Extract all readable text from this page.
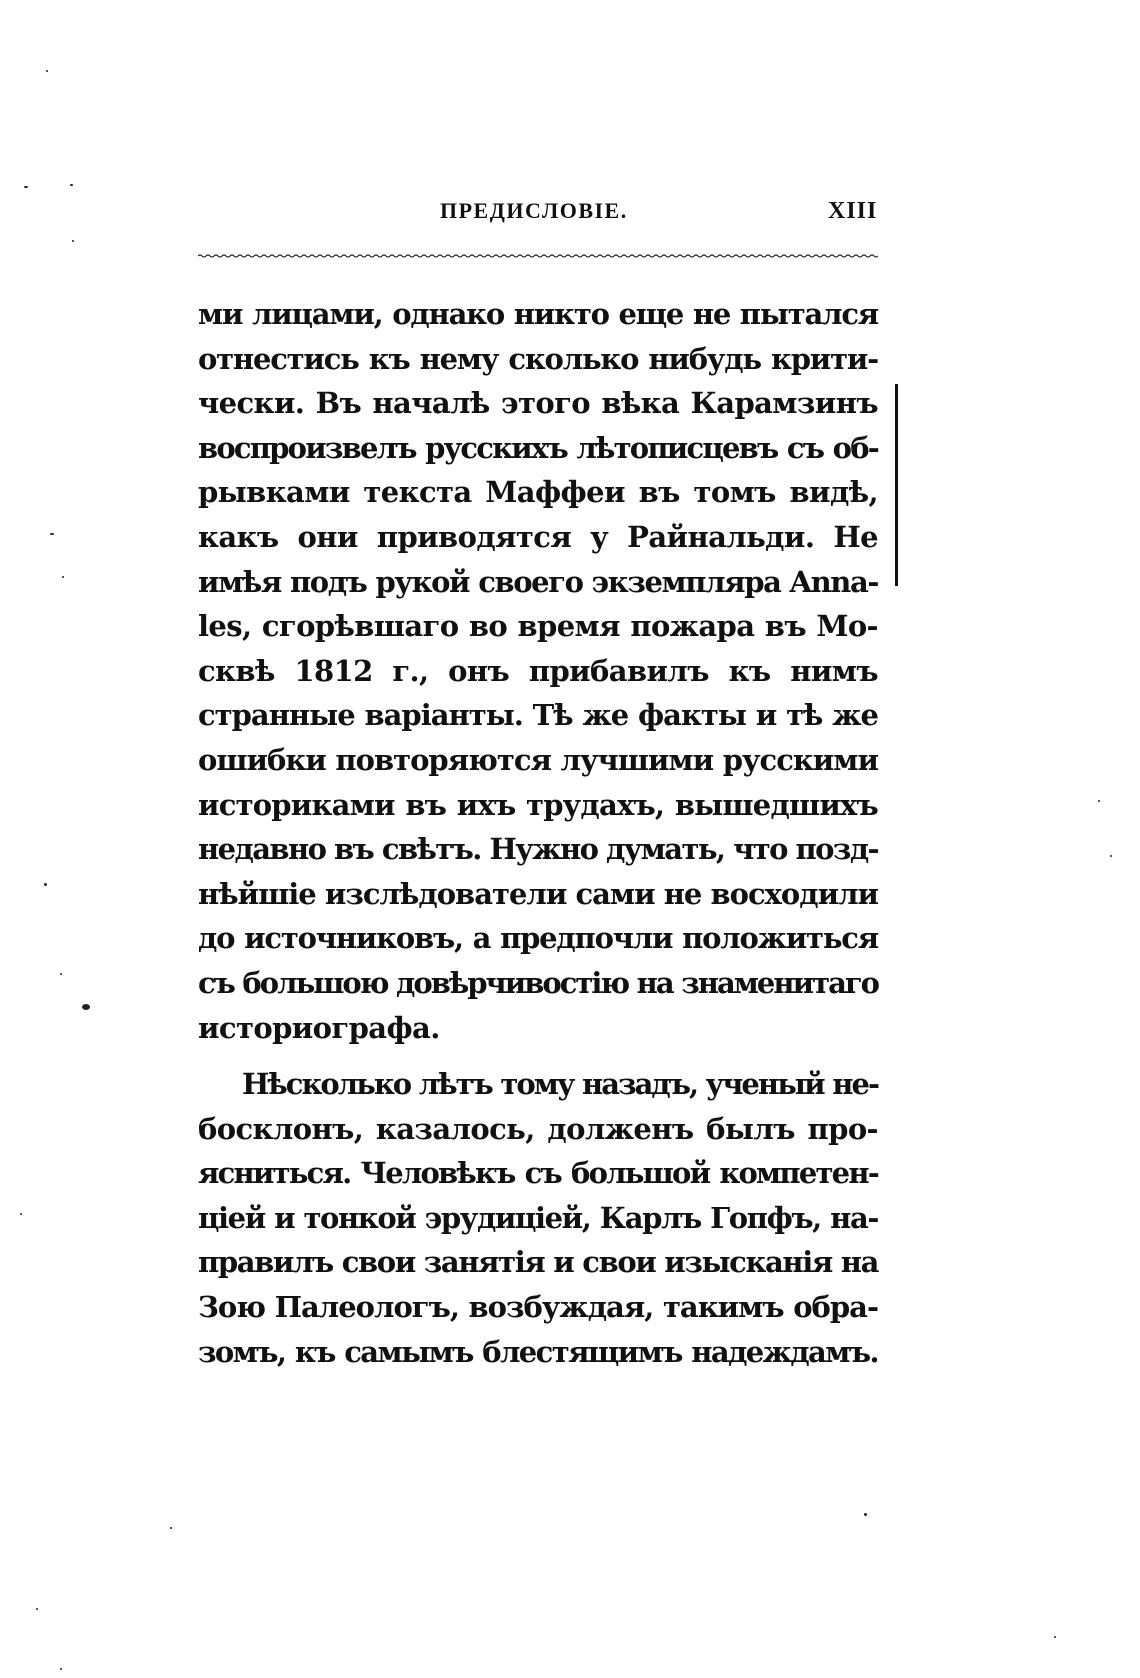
ПРЕДИСЛОВІЕ.	XIII
ми лицами, однако никто еще не пытался
отнестись къ нему сколько нибудь крити-
чески. Въ началѣ этого вѣка Карамзинъ
воспроизвелъ русскихъ лѣтописцевъ съ об-
рывками текста Маффеи въ томъ видѣ,
какъ они приводятся у Райнальди. Не
имѣя подъ рукой своего экземпляра Anna-
les, сгорѣвшаго во время пожара въ Мо-
сквѣ 1812 г., онъ прибавилъ къ нимъ
странные варіанты. Тѣ же факты и тѣ же
ошибки повторяются лучшими русскими
историками въ ихъ трудахъ, вышедшихъ
недавно въ свѣтъ. Нужно думать, что позд-
нѣйшіе изслѣдователи сами не восходили
до источниковъ, а предпочли положиться
съ большою довѣрчивостію на знаменитаго
историографа.
Нѣсколько лѣтъ тому назадъ, ученый не-
босклонъ, казалось, долженъ былъ про-
ясниться. Человѣкъ съ большой компетен-
ціей и тонкой эрудиціей, Карлъ Гопфъ, на-
правилъ свои занятія и свои изысканія на
Зою Палеологъ, возбуждая, такимъ обра-
зомъ, къ самымъ блестящимъ надеждамъ.
